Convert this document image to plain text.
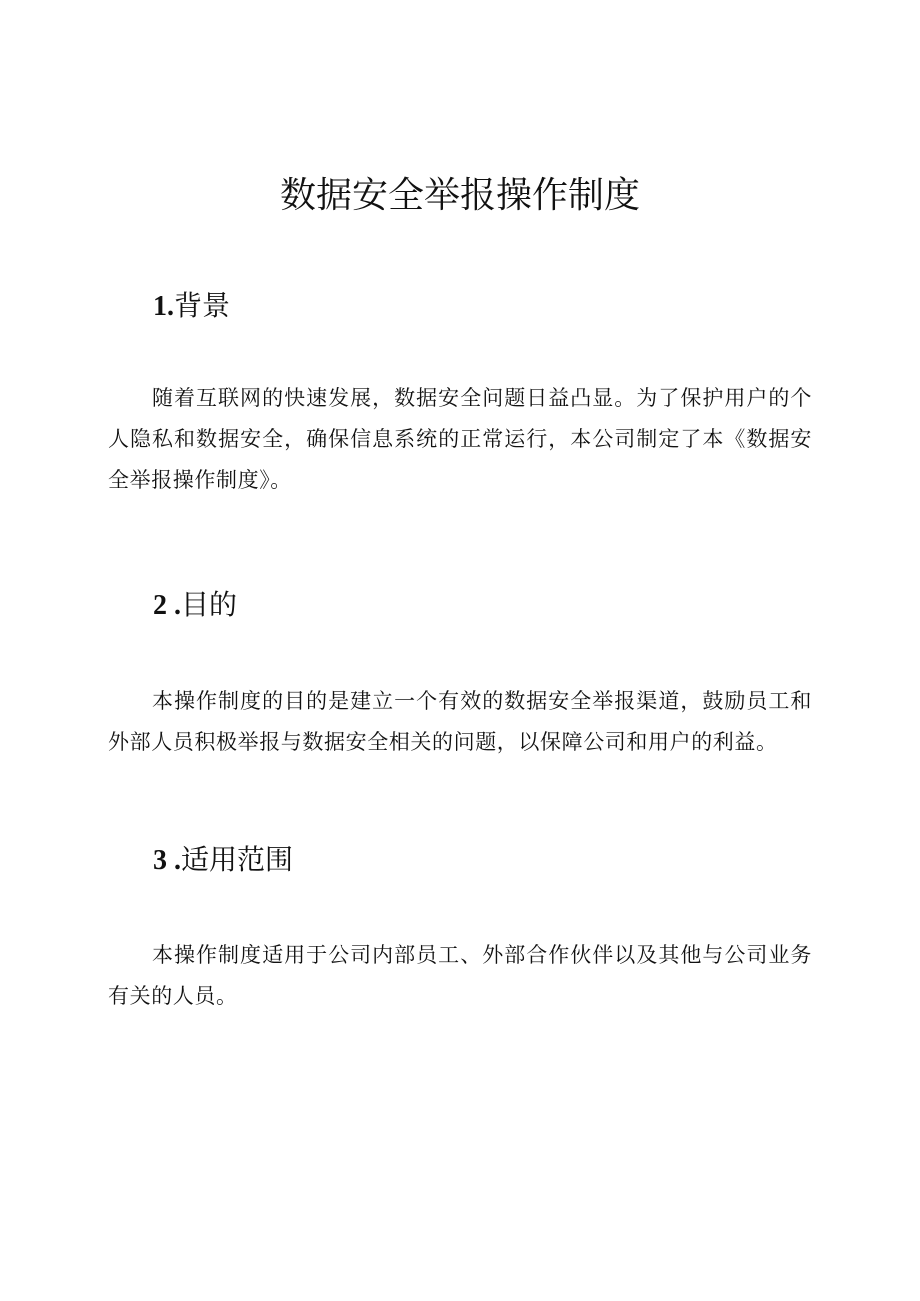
数据安全举报操作制度
1.背景

随着互联网的快速发展，数据安全问题日益凸显。为了保护用户的个人隐私和数据安全，确保信息系统的正常运行，本公司制定了本《数据安全举报操作制度》。

2 .目的

本操作制度的目的是建立一个有效的数据安全举报渠道，鼓励员工和外部人员积极举报与数据安全相关的问题，以保障公司和用户的利益。

3 .适用范围

本操作制度适用于公司内部员工、外部合作伙伴以及其他与公司业务有关的人员。
